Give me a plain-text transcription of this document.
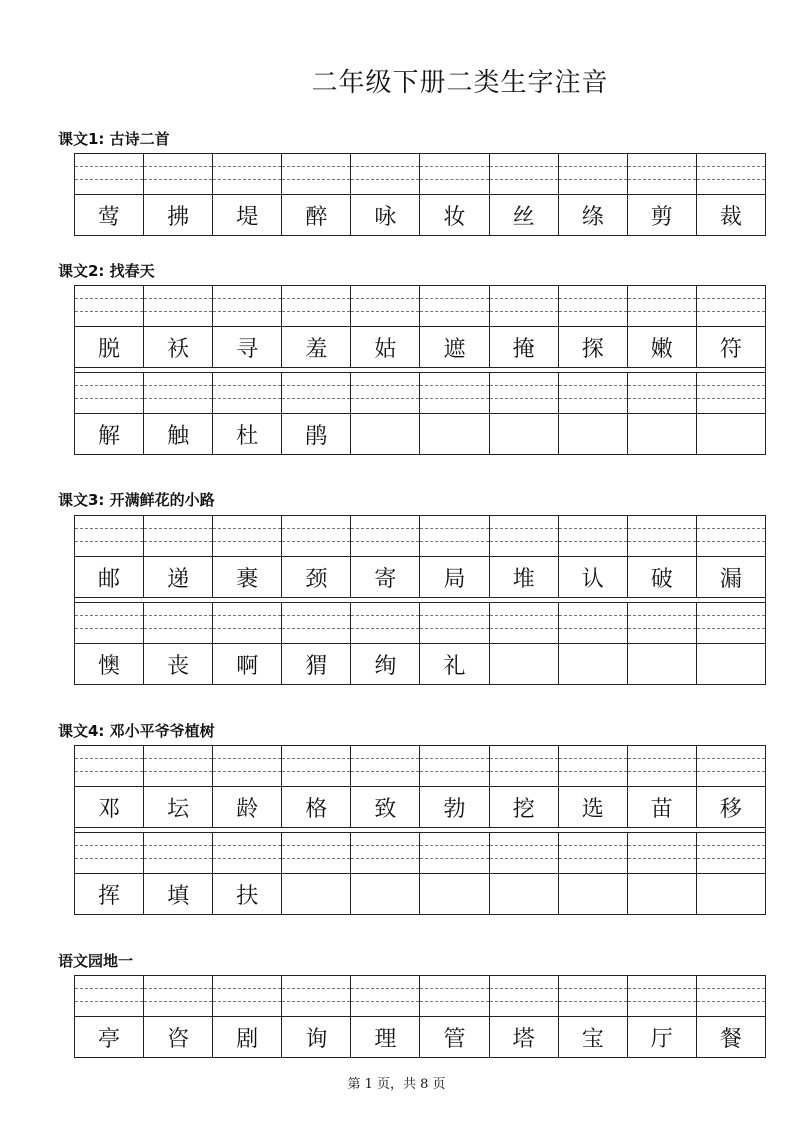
二年级下册二类生字注音
课文1: 古诗二首
莺	拂	堤	醉	咏	妆	丝	绦	剪	裁
课文2: 找春天
脱	袄	寻	羞	姑	遮	掩	探	嫩	符
解	触	杜	鹃
课文3: 开满鲜花的小路
邮	递	裹	颈	寄	局	堆	认	破	漏
懊	丧	啊	猬	绚	礼
课文4: 邓小平爷爷植树
邓	坛	龄	格	致	勃	挖	选	苗	移
挥	填	扶
语文园地一
亭	咨	剧	询	理	管	塔	宝	厅	餐
第 1 页，共 8 页
